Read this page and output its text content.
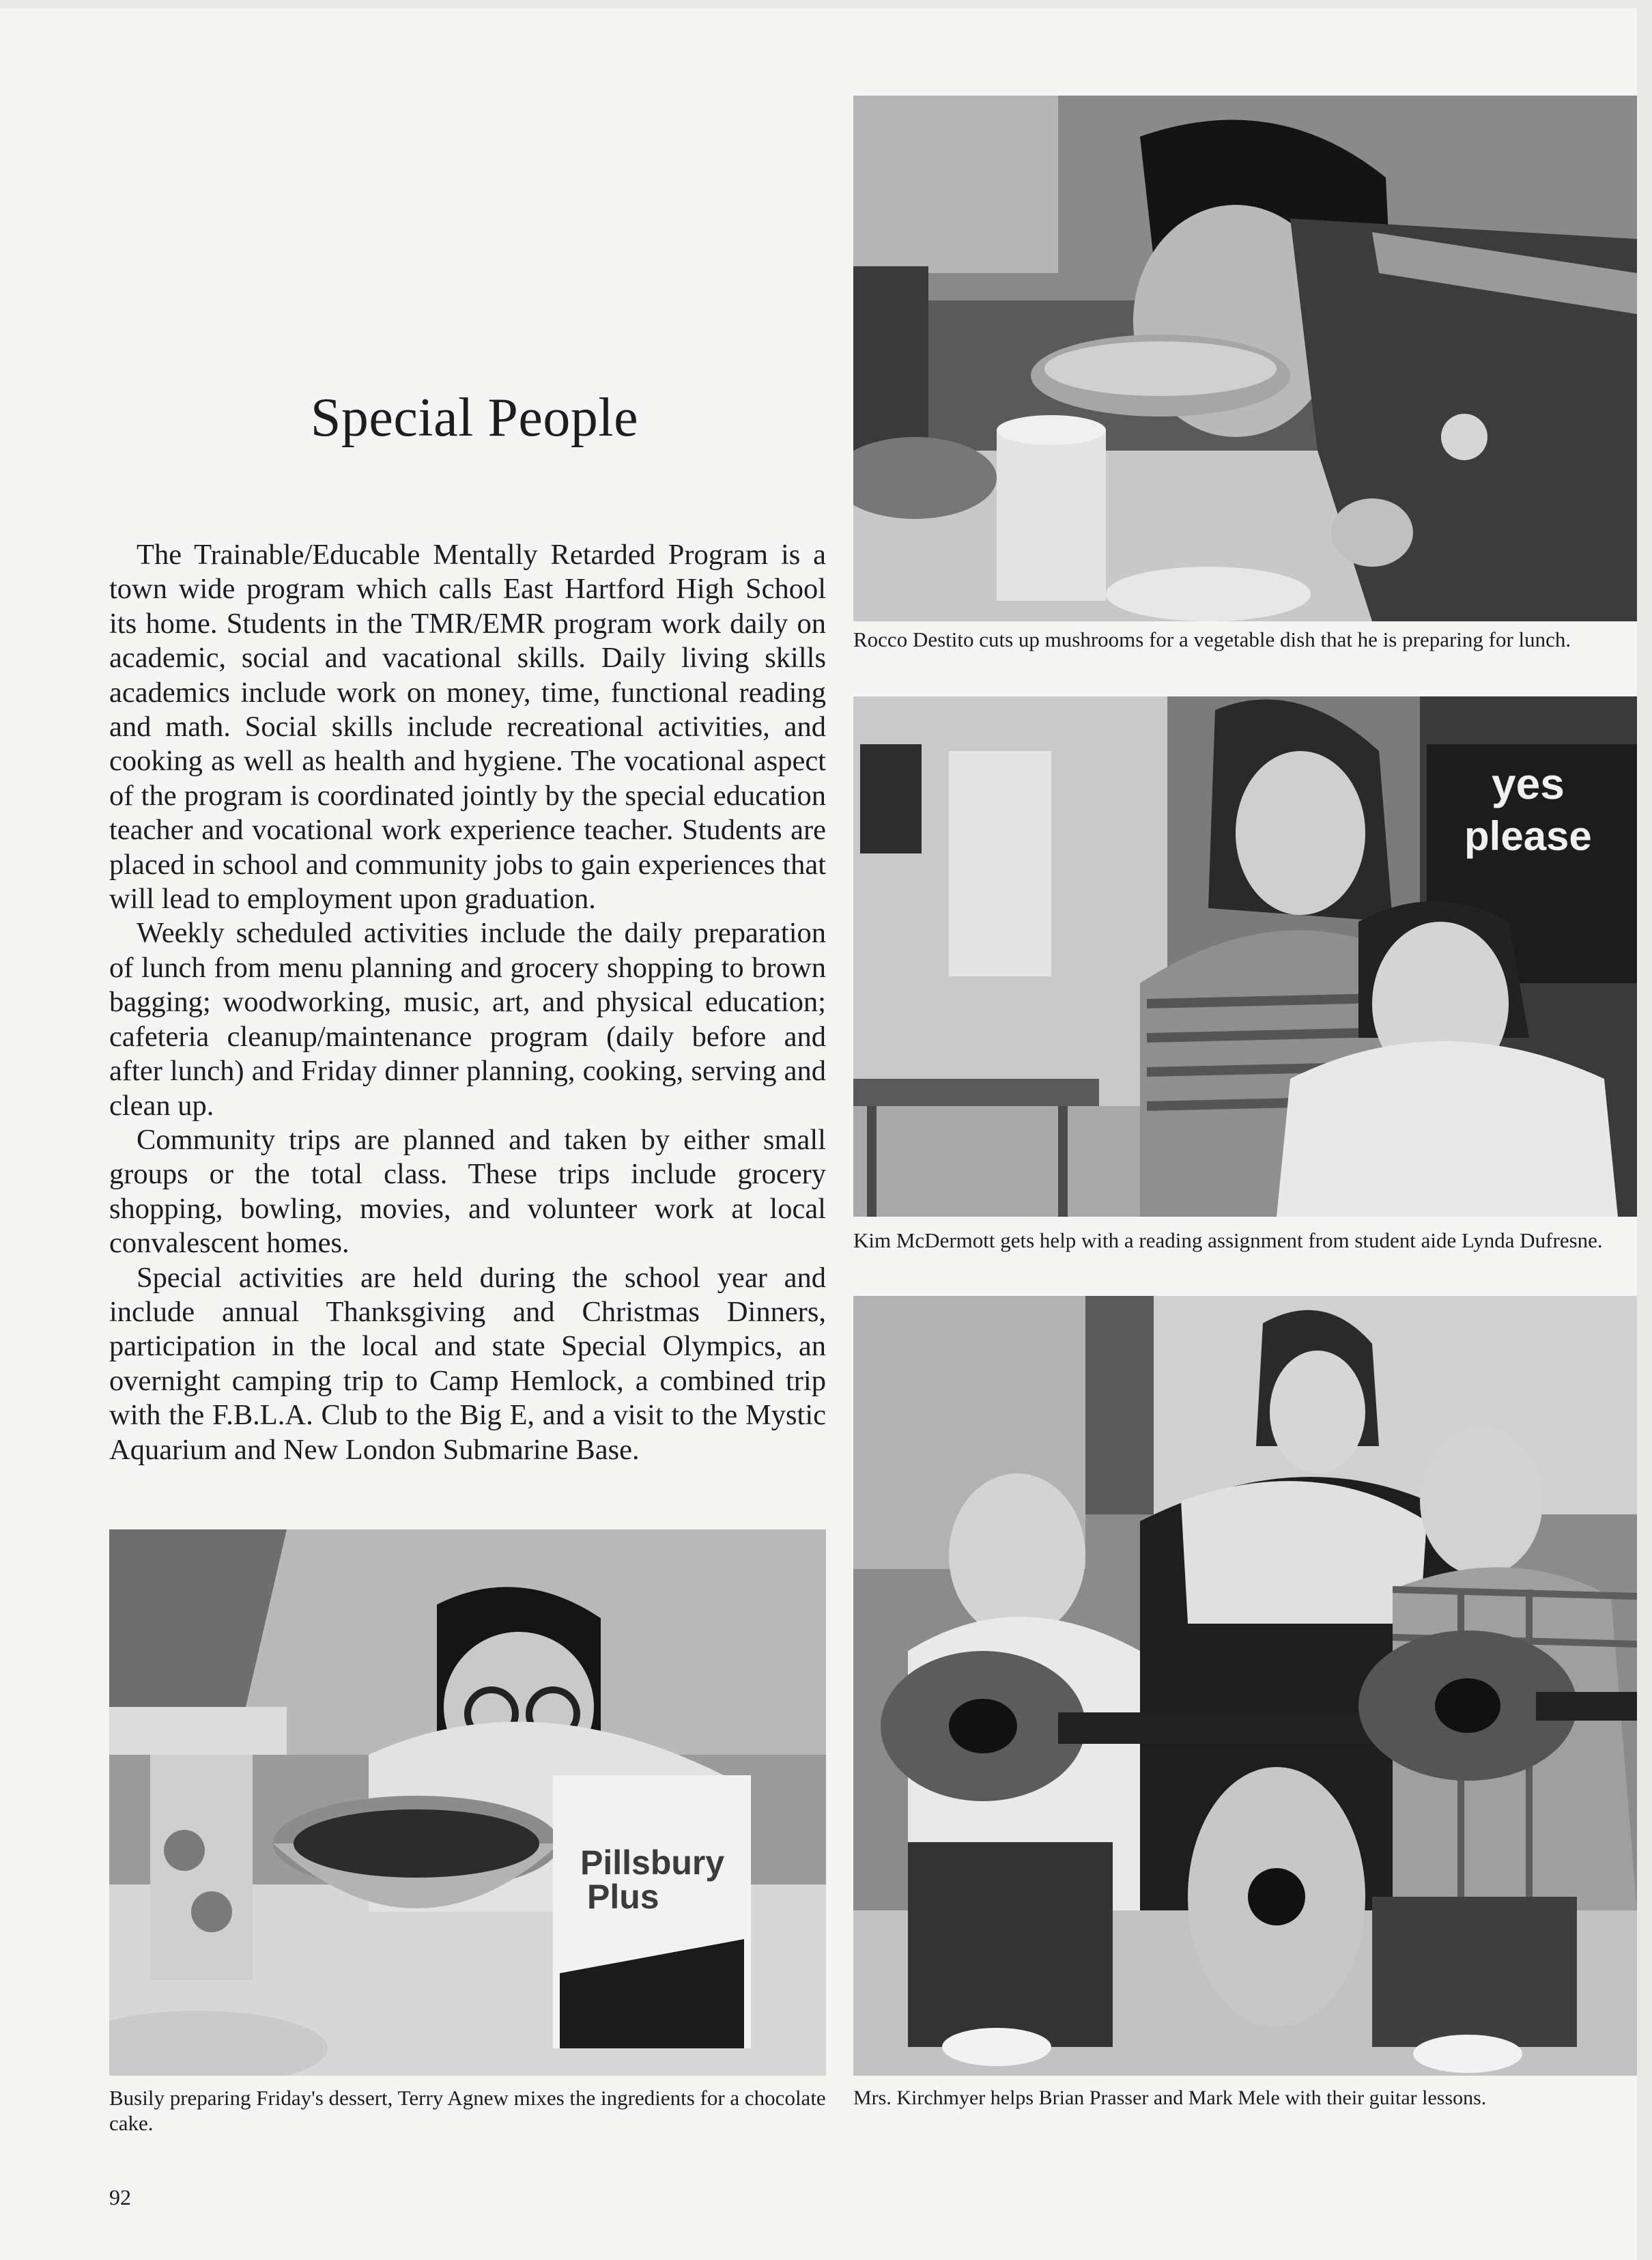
Special People

The Trainable/Educable Mentally Retarded Program is a town wide program which calls East Hartford High School its home. Students in the TMR/EMR program work daily on academic, social and vacational skills. Daily living skills academics include work on money, time, functional reading and math. Social skills include recreational activities, and cooking as well as health and hygiene. The vocational aspect of the program is coordinated jointly by the special education teacher and vocational work experience teacher. Students are placed in school and community jobs to gain experiences that will lead to employment upon graduation.

Weekly scheduled activities include the daily preparation of lunch from menu planning and grocery shopping to brown bagging; woodworking, music, art, and physical education; cafeteria cleanup/maintenance program (daily before and after lunch) and Friday dinner planning, cooking, serving and clean up.

Community trips are planned and taken by either small groups or the total class. These trips include grocery shopping, bowling, movies, and volunteer work at local convalescent homes.

Special activities are held during the school year and include annual Thanksgiving and Christmas Dinners, participation in the local and state Special Olympics, an overnight camping trip to Camp Hemlock, a combined trip with the F.B.L.A. Club to the Big E, and a visit to the Mystic Aquarium and New London Submarine Base.

Rocco Destito cuts up mushrooms for a vegetable dish that he is preparing for lunch.

yes
please

Kim McDermott gets help with a reading assignment from student aide Lynda Dufresne.

Mrs. Kirchmyer helps Brian Prasser and Mark Mele with their guitar lessons.

Pillsbury
Plus

Busily preparing Friday's dessert, Terry Agnew mixes the ingredients for a chocolate cake.

92
